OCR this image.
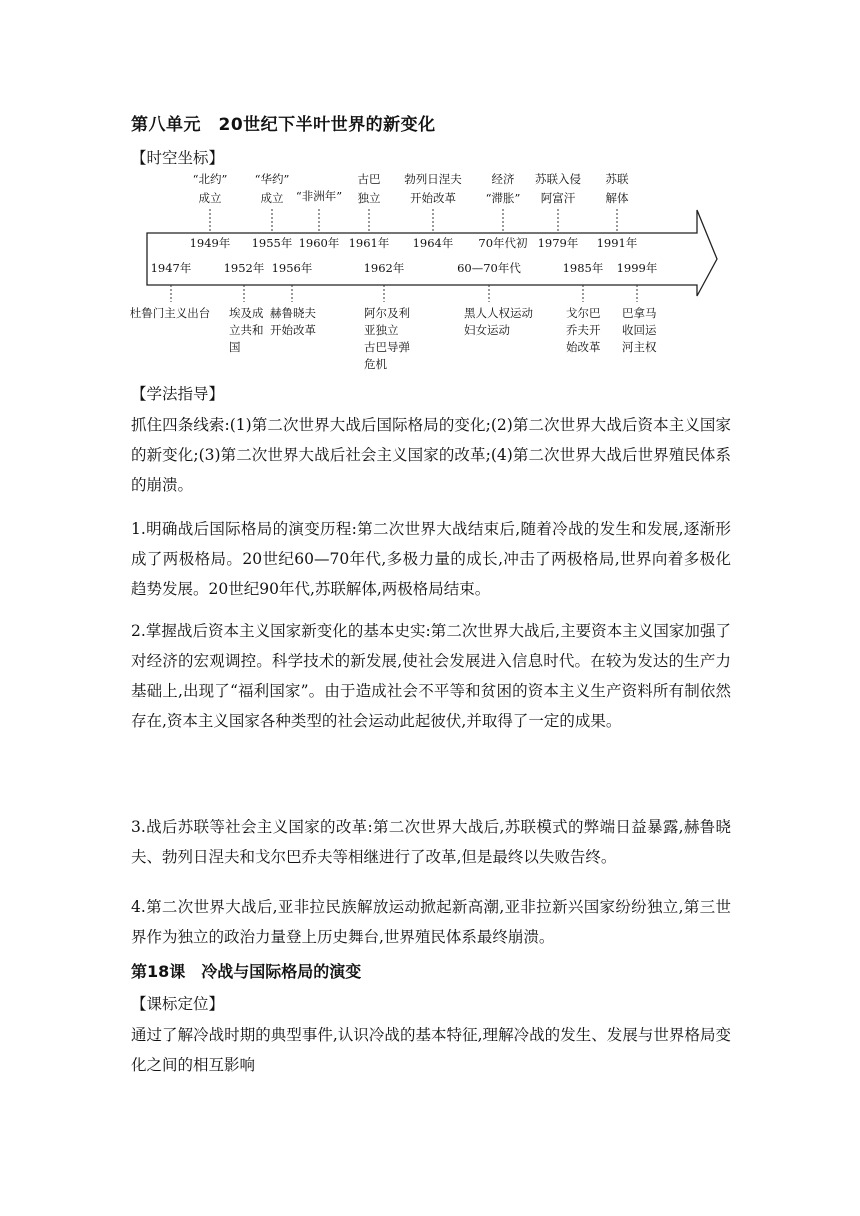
第八单元　20世纪下半叶世界的新变化
【时空坐标】
“北约”
成立
1949年
“华约”
成立
1955年
“非洲年”
1960年
古巴
独立
1961年
勃列日涅夫
开始改革
1964年
经济
“滞胀”
70年代初
苏联入侵
阿富汗
1979年
苏联
解体
1991年
1947年
杜鲁门主义出台
1952年
埃及成
立共和
国
1956年
赫鲁晓夫
开始改革
1962年
阿尔及利
亚独立
古巴导弹
危机
60—70年代
黑人人权运动
妇女运动
1985年
戈尔巴
乔夫开
始改革
1999年
巴拿马
收回运
河主权
【学法指导】
抓住四条线索:(1)第二次世界大战后国际格局的变化;(2)第二次世界大战后资本主义国家的新变化;(3)第二次世界大战后社会主义国家的改革;(4)第二次世界大战后世界殖民体系的崩溃。
1.明确战后国际格局的演变历程:第二次世界大战结束后,随着冷战的发生和发展,逐渐形成了两极格局。20世纪60—70年代,多极力量的成长,冲击了两极格局,世界向着多极化趋势发展。20世纪90年代,苏联解体,两极格局结束。
2.掌握战后资本主义国家新变化的基本史实:第二次世界大战后,主要资本主义国家加强了对经济的宏观调控。科学技术的新发展,使社会发展进入信息时代。在较为发达的生产力基础上,出现了“福利国家”。由于造成社会不平等和贫困的资本主义生产资料所有制依然存在,资本主义国家各种类型的社会运动此起彼伏,并取得了一定的成果。
3.战后苏联等社会主义国家的改革:第二次世界大战后,苏联模式的弊端日益暴露,赫鲁晓夫、勃列日涅夫和戈尔巴乔夫等相继进行了改革,但是最终以失败告终。
4.第二次世界大战后,亚非拉民族解放运动掀起新高潮,亚非拉新兴国家纷纷独立,第三世界作为独立的政治力量登上历史舞台,世界殖民体系最终崩溃。
第18课　冷战与国际格局的演变
【课标定位】
通过了解冷战时期的典型事件,认识冷战的基本特征,理解冷战的发生、发展与世界格局变化之间的相互影响
